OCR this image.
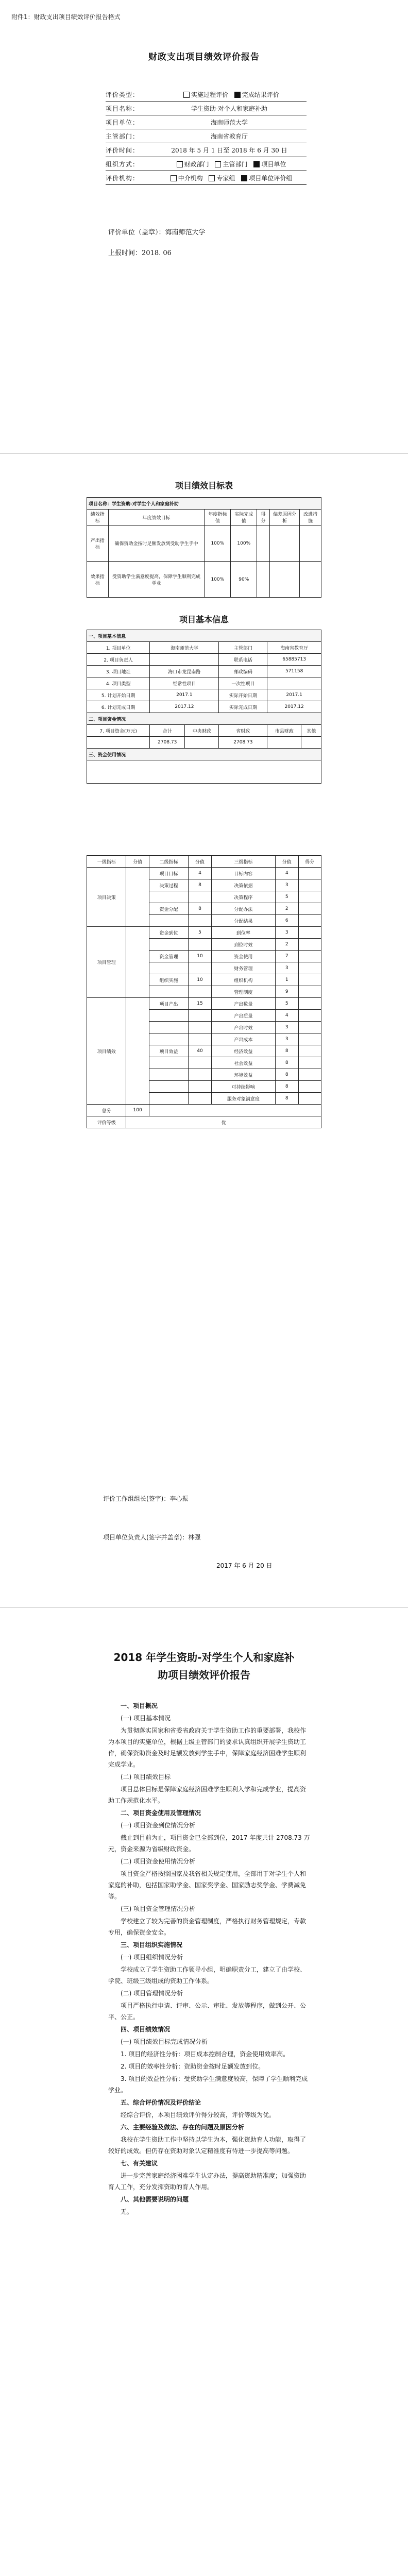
附件1：财政支出项目绩效评价报告格式
财政支出项目绩效评价报告
评价类型：	实施过程评价 完成结果评价
项目名称：	学生资助-对个人和家庭补助
项目单位：	海南师范大学
主管部门：	海南省教育厅
评价时间：	2018 年 5 月 1 日至 2018 年 6 月 30 日
组织方式：	财政部门 主管部门 项目单位
评价机构：	中介机构 专家组 项目单位评价组
评价单位（盖章）：海南师范大学
上报时间：2018. 06
项目绩效目标表
项目名称：学生资助-对学生个人和家庭补助						
绩效指标	年度绩效目标	年度指标值	实际完成值	得分	偏差原因分析	改进措施
产出指标	确保资助金按时足额发放到受助学生手中	100%	100%			
效果指标	受资助学生满意度提高，保障学生顺利完成学业	100%	90%			
项目基本信息
一、项目基本信息					
1. 项目单位	海南师范大学		主管部门	海南省教育厅	
2. 项目负责人			联系电话	65885713	
3. 项目地址	海口市龙昆南路		邮政编码	571158	
4. 项目类型	经常性项目		一次性项目		
5. 计划开始日期	2017.1		实际开始日期	2017.1	
6. 计划完成日期	2017.12		实际完成日期	2017.12	
二、项目资金情况					
7. 项目资金(万元)	合计	中央财政	省财政	市县财政	其他
	2708.73		2708.73		
三、资金使用情况					

一级指标	分值	二级指标	分值	三级指标	分值	得分
项目决策		项目目标	4	目标内容	4	
		决策过程	8	决策依据	3	
				决策程序	5	
		资金分配	8	分配办法	2	
				分配结果	6	
项目管理		资金到位	5	到位率	3	
				到位时效	2	
		资金管理	10	资金使用	7	
				财务管理	3	
		组织实施	10	组织机构	1	
				管理制度	9	
项目绩效		项目产出	15	产出数量	5	
				产出质量	4	
				产出时效	3	
				产出成本	3	
		项目效益	40	经济效益	8	
				社会效益	8	
				环境效益	8	
				可持续影响	8	
				服务对象满意度	8	
总分	100					
评价等级	优					
评价工作组组长(签字)：李心振
项目单位负责人(签字并盖章)：林强
2017 年 6 月 20 日
2018 年学生资助-对学生个人和家庭补
助项目绩效评价报告

一、项目概况

(一) 项目基本情况

为贯彻落实国家和省委省政府关于学生资助工作的重要部署，我校作为本项目的实施单位，根据上级主管部门的要求认真组织开展学生资助工作，确保资助资金及时足额发放到学生手中，保障家庭经济困难学生顺利完成学业。

(二) 项目绩效目标

项目总体目标是保障家庭经济困难学生顺利入学和完成学业，提高资助工作规范化水平。

二、项目资金使用及管理情况

(一) 项目资金到位情况分析

截止到目前为止，项目资金已全部到位，2017 年度共计 2708.73 万元，资金来源为省级财政资金。

(二) 项目资金使用情况分析

项目资金严格按照国家及我省相关规定使用，全部用于对学生个人和家庭的补助，包括国家助学金、国家奖学金、国家励志奖学金、学费减免等。

(三) 项目资金管理情况分析

学校建立了较为完善的资金管理制度，严格执行财务管理规定，专款专用，确保资金安全。

三、项目组织实施情况

(一) 项目组织情况分析

学校成立了学生资助工作领导小组，明确职责分工，建立了由学校、学院、班级三级组成的资助工作体系。

(二) 项目管理情况分析

项目严格执行申请、评审、公示、审批、发放等程序，做到公开、公平、公正。

四、项目绩效情况

(一) 项目绩效目标完成情况分析

1. 项目的经济性分析：项目成本控制合理，资金使用效率高。

2. 项目的效率性分析：资助资金按时足额发放到位。

3. 项目的效益性分析：受资助学生满意度较高，保障了学生顺利完成学业。

五、综合评价情况及评价结论

经综合评价，本项目绩效评价得分较高，评价等级为优。

六、主要经验及做法、存在的问题及原因分析

我校在学生资助工作中坚持以学生为本，强化资助育人功能，取得了较好的成效。但仍存在资助对象认定精准度有待进一步提高等问题。

七、有关建议

进一步完善家庭经济困难学生认定办法，提高资助精准度；加强资助育人工作，充分发挥资助的育人作用。

八、其他需要说明的问题

无。
